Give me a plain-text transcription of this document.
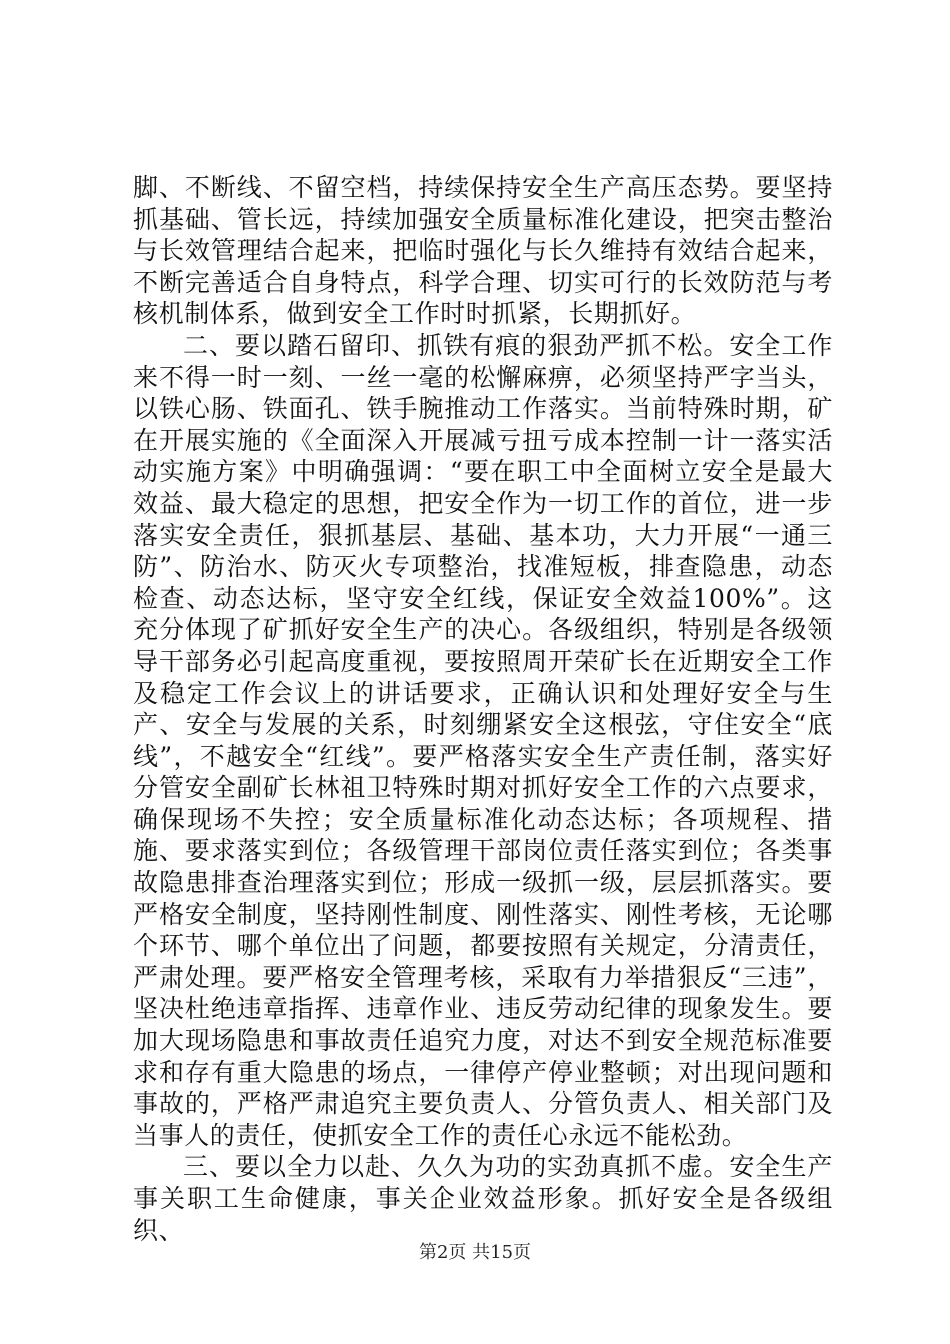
脚、不断线、不留空档，持续保持安全生产高压态势。要坚持抓基础、管长远，持续加强安全质量标准化建设，把突击整治与长效管理结合起来，把临时强化与长久维持有效结合起来，不断完善适合自身特点，科学合理、切实可行的长效防范与考核机制体系，做到安全工作时时抓紧，长期抓好。

二、要以踏石留印、抓铁有痕的狠劲严抓不松。安全工作来不得一时一刻、一丝一毫的松懈麻痹，必须坚持严字当头，以铁心肠、铁面孔、铁手腕推动工作落实。当前特殊时期，矿在开展实施的《全面深入开展减亏扭亏成本控制一计一落实活动实施方案》中明确强调：“要在职工中全面树立安全是最大效益、最大稳定的思想，把安全作为一切工作的首位，进一步落实安全责任，狠抓基层、基础、基本功，大力开展“一通三防”、防治水、防灭火专项整治，找准短板，排查隐患，动态检查、动态达标，坚守安全红线，保证安全效益100%”。这充分体现了矿抓好安全生产的决心。各级组织，特别是各级领导干部务必引起高度重视，要按照周开荣矿长在近期安全工作及稳定工作会议上的讲话要求，正确认识和处理好安全与生产、安全与发展的关系，时刻绷紧安全这根弦，守住安全“底线”，不越安全“红线”。要严格落实安全生产责任制，落实好分管安全副矿长林祖卫特殊时期对抓好安全工作的六点要求，确保现场不失控；安全质量标准化动态达标；各项规程、措施、要求落实到位；各级管理干部岗位责任落实到位；各类事故隐患排查治理落实到位；形成一级抓一级，层层抓落实。要严格安全制度，坚持刚性制度、刚性落实、刚性考核，无论哪个环节、哪个单位出了问题，都要按照有关规定，分清责任，严肃处理。要严格安全管理考核，采取有力举措狠反“三违”，坚决杜绝违章指挥、违章作业、违反劳动纪律的现象发生。要加大现场隐患和事故责任追究力度，对达不到安全规范标准要求和存有重大隐患的场点，一律停产停业整顿；对出现问题和事故的，严格严肃追究主要负责人、分管负责人、相关部门及当事人的责任，使抓安全工作的责任心永远不能松劲。

三、要以全力以赴、久久为功的实劲真抓不虚。安全生产事关职工生命健康，事关企业效益形象。抓好安全是各级组织、

第2页 共15页
